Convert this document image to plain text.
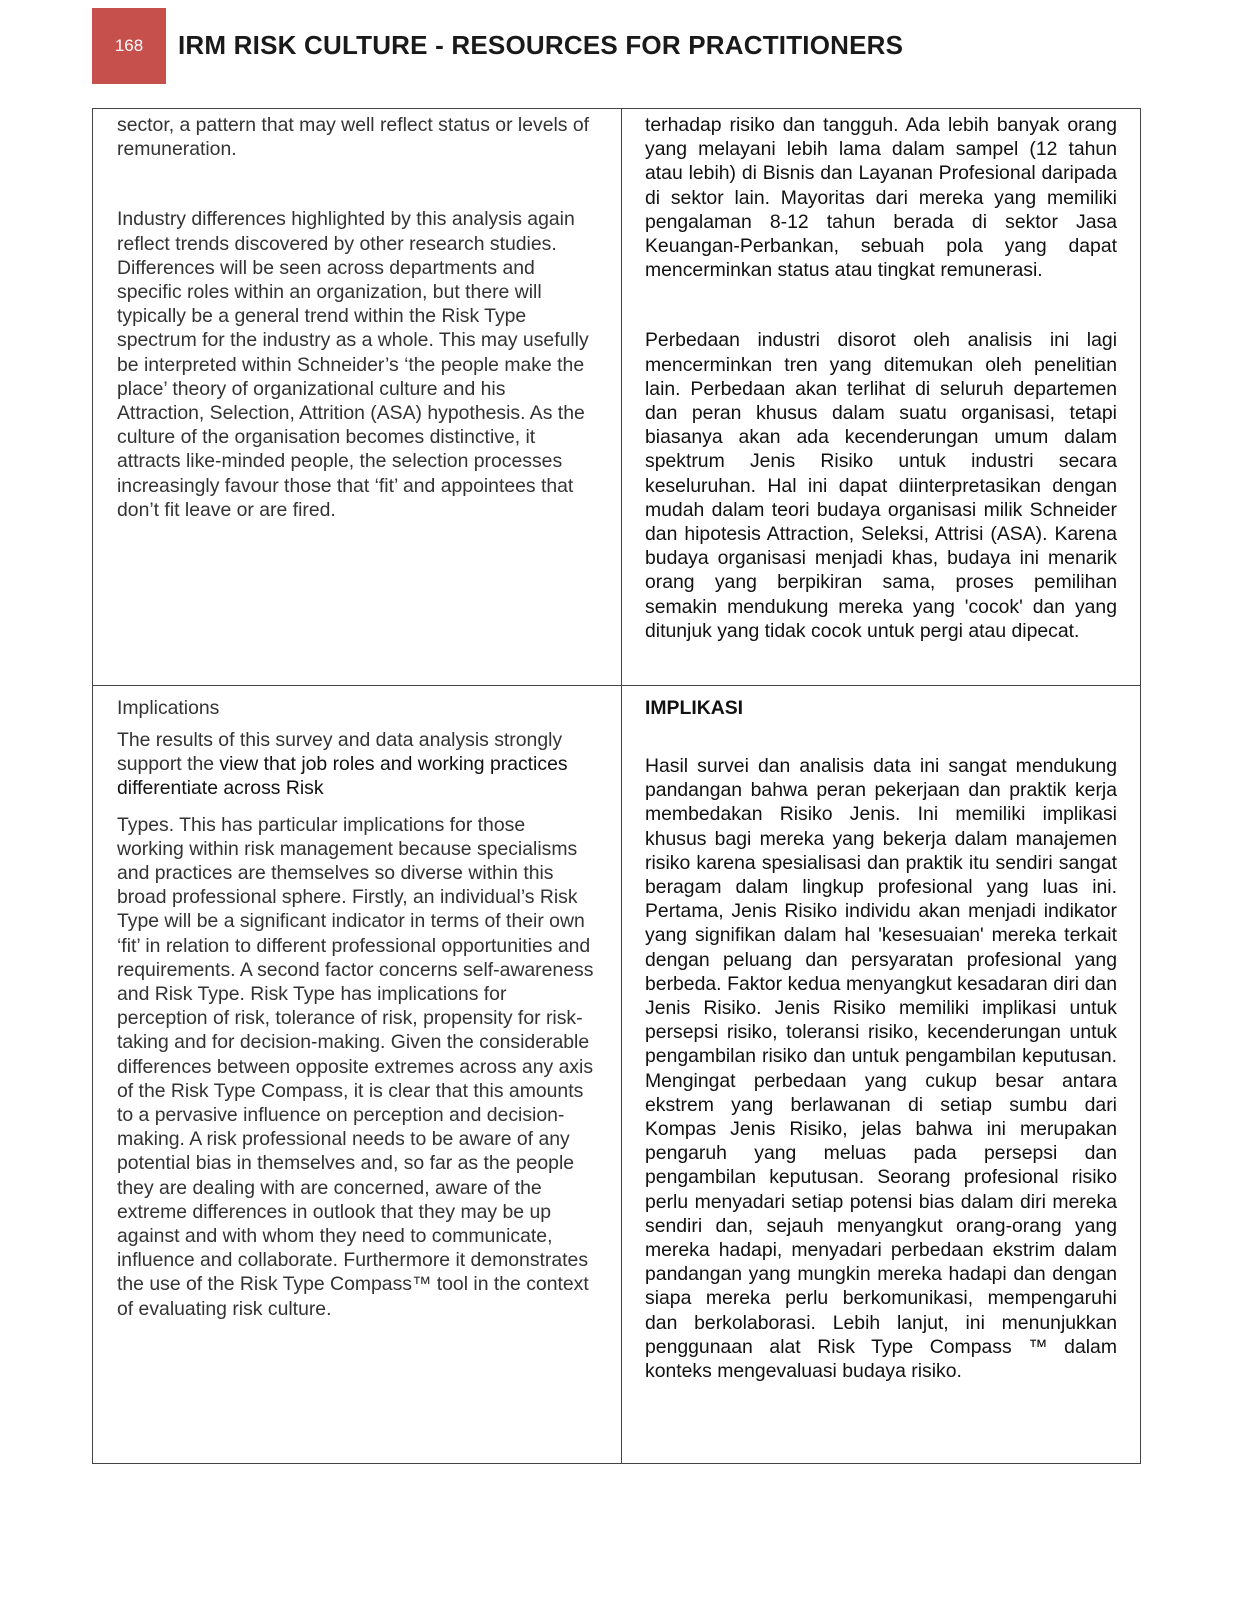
168 IRM RISK CULTURE - RESOURCES FOR PRACTITIONERS

sector, a pattern that may well reflect status or levels of remuneration.

Industry differences highlighted by this analysis again reflect trends discovered by other research studies. Differences will be seen across departments and specific roles within an organization, but there will typically be a general trend within the Risk Type spectrum for the industry as a whole. This may usefully be interpreted within Schneider’s ‘the people make the place’ theory of organizational culture and his Attraction, Selection, Attrition (ASA) hypothesis. As the culture of the organisation becomes distinctive, it attracts like-minded people, the selection processes increasingly favour those that ‘fit’ and appointees that don’t fit leave or are fired.

terhadap risiko dan tangguh. Ada lebih banyak orang yang melayani lebih lama dalam sampel (12 tahun atau lebih) di Bisnis dan Layanan Profesional daripada di sektor lain. Mayoritas dari mereka yang memiliki pengalaman 8-12 tahun berada di sektor Jasa Keuangan-Perbankan, sebuah pola yang dapat mencerminkan status atau tingkat remunerasi.

Perbedaan industri disorot oleh analisis ini lagi mencerminkan tren yang ditemukan oleh penelitian lain. Perbedaan akan terlihat di seluruh departemen dan peran khusus dalam suatu organisasi, tetapi biasanya akan ada kecenderungan umum dalam spektrum Jenis Risiko untuk industri secara keseluruhan. Hal ini dapat diinterpretasikan dengan mudah dalam teori budaya organisasi milik Schneider dan hipotesis Attraction, Seleksi, Attrisi (ASA). Karena budaya organisasi menjadi khas, budaya ini menarik orang yang berpikiran sama, proses pemilihan semakin mendukung mereka yang 'cocok' dan yang ditunjuk yang tidak cocok untuk pergi atau dipecat.

Implications

The results of this survey and data analysis strongly support the view that job roles and working practices differentiate across Risk

Types. This has particular implications for those working within risk management because specialisms and practices are themselves so diverse within this broad professional sphere. Firstly, an individual’s Risk Type will be a significant indicator in terms of their own ‘fit’ in relation to different professional opportunities and requirements. A second factor concerns self-awareness and Risk Type. Risk Type has implications for perception of risk, tolerance of risk, propensity for risk- taking and for decision-making. Given the considerable differences between opposite extremes across any axis of the Risk Type Compass, it is clear that this amounts to a pervasive influence on perception and decision-making. A risk professional needs to be aware of any potential bias in themselves and, so far as the people they are dealing with are concerned, aware of the extreme differences in outlook that they may be up against and with whom they need to communicate, influence and collaborate. Furthermore it demonstrates the use of the Risk Type Compass™ tool in the context of evaluating risk culture.

IMPLIKASI

Hasil survei dan analisis data ini sangat mendukung pandangan bahwa peran pekerjaan dan praktik kerja membedakan Risiko Jenis. Ini memiliki implikasi khusus bagi mereka yang bekerja dalam manajemen risiko karena spesialisasi dan praktik itu sendiri sangat beragam dalam lingkup profesional yang luas ini. Pertama, Jenis Risiko individu akan menjadi indikator yang signifikan dalam hal 'kesesuaian' mereka terkait dengan peluang dan persyaratan profesional yang berbeda. Faktor kedua menyangkut kesadaran diri dan Jenis Risiko. Jenis Risiko memiliki implikasi untuk persepsi risiko, toleransi risiko, kecenderungan untuk pengambilan risiko dan untuk pengambilan keputusan. Mengingat perbedaan yang cukup besar antara ekstrem yang berlawanan di setiap sumbu dari Kompas Jenis Risiko, jelas bahwa ini merupakan pengaruh yang meluas pada persepsi dan pengambilan keputusan. Seorang profesional risiko perlu menyadari setiap potensi bias dalam diri mereka sendiri dan, sejauh menyangkut orang-orang yang mereka hadapi, menyadari perbedaan ekstrim dalam pandangan yang mungkin mereka hadapi dan dengan siapa mereka perlu berkomunikasi, mempengaruhi dan berkolaborasi. Lebih lanjut, ini menunjukkan penggunaan alat Risk Type Compass ™ dalam konteks mengevaluasi budaya risiko.
